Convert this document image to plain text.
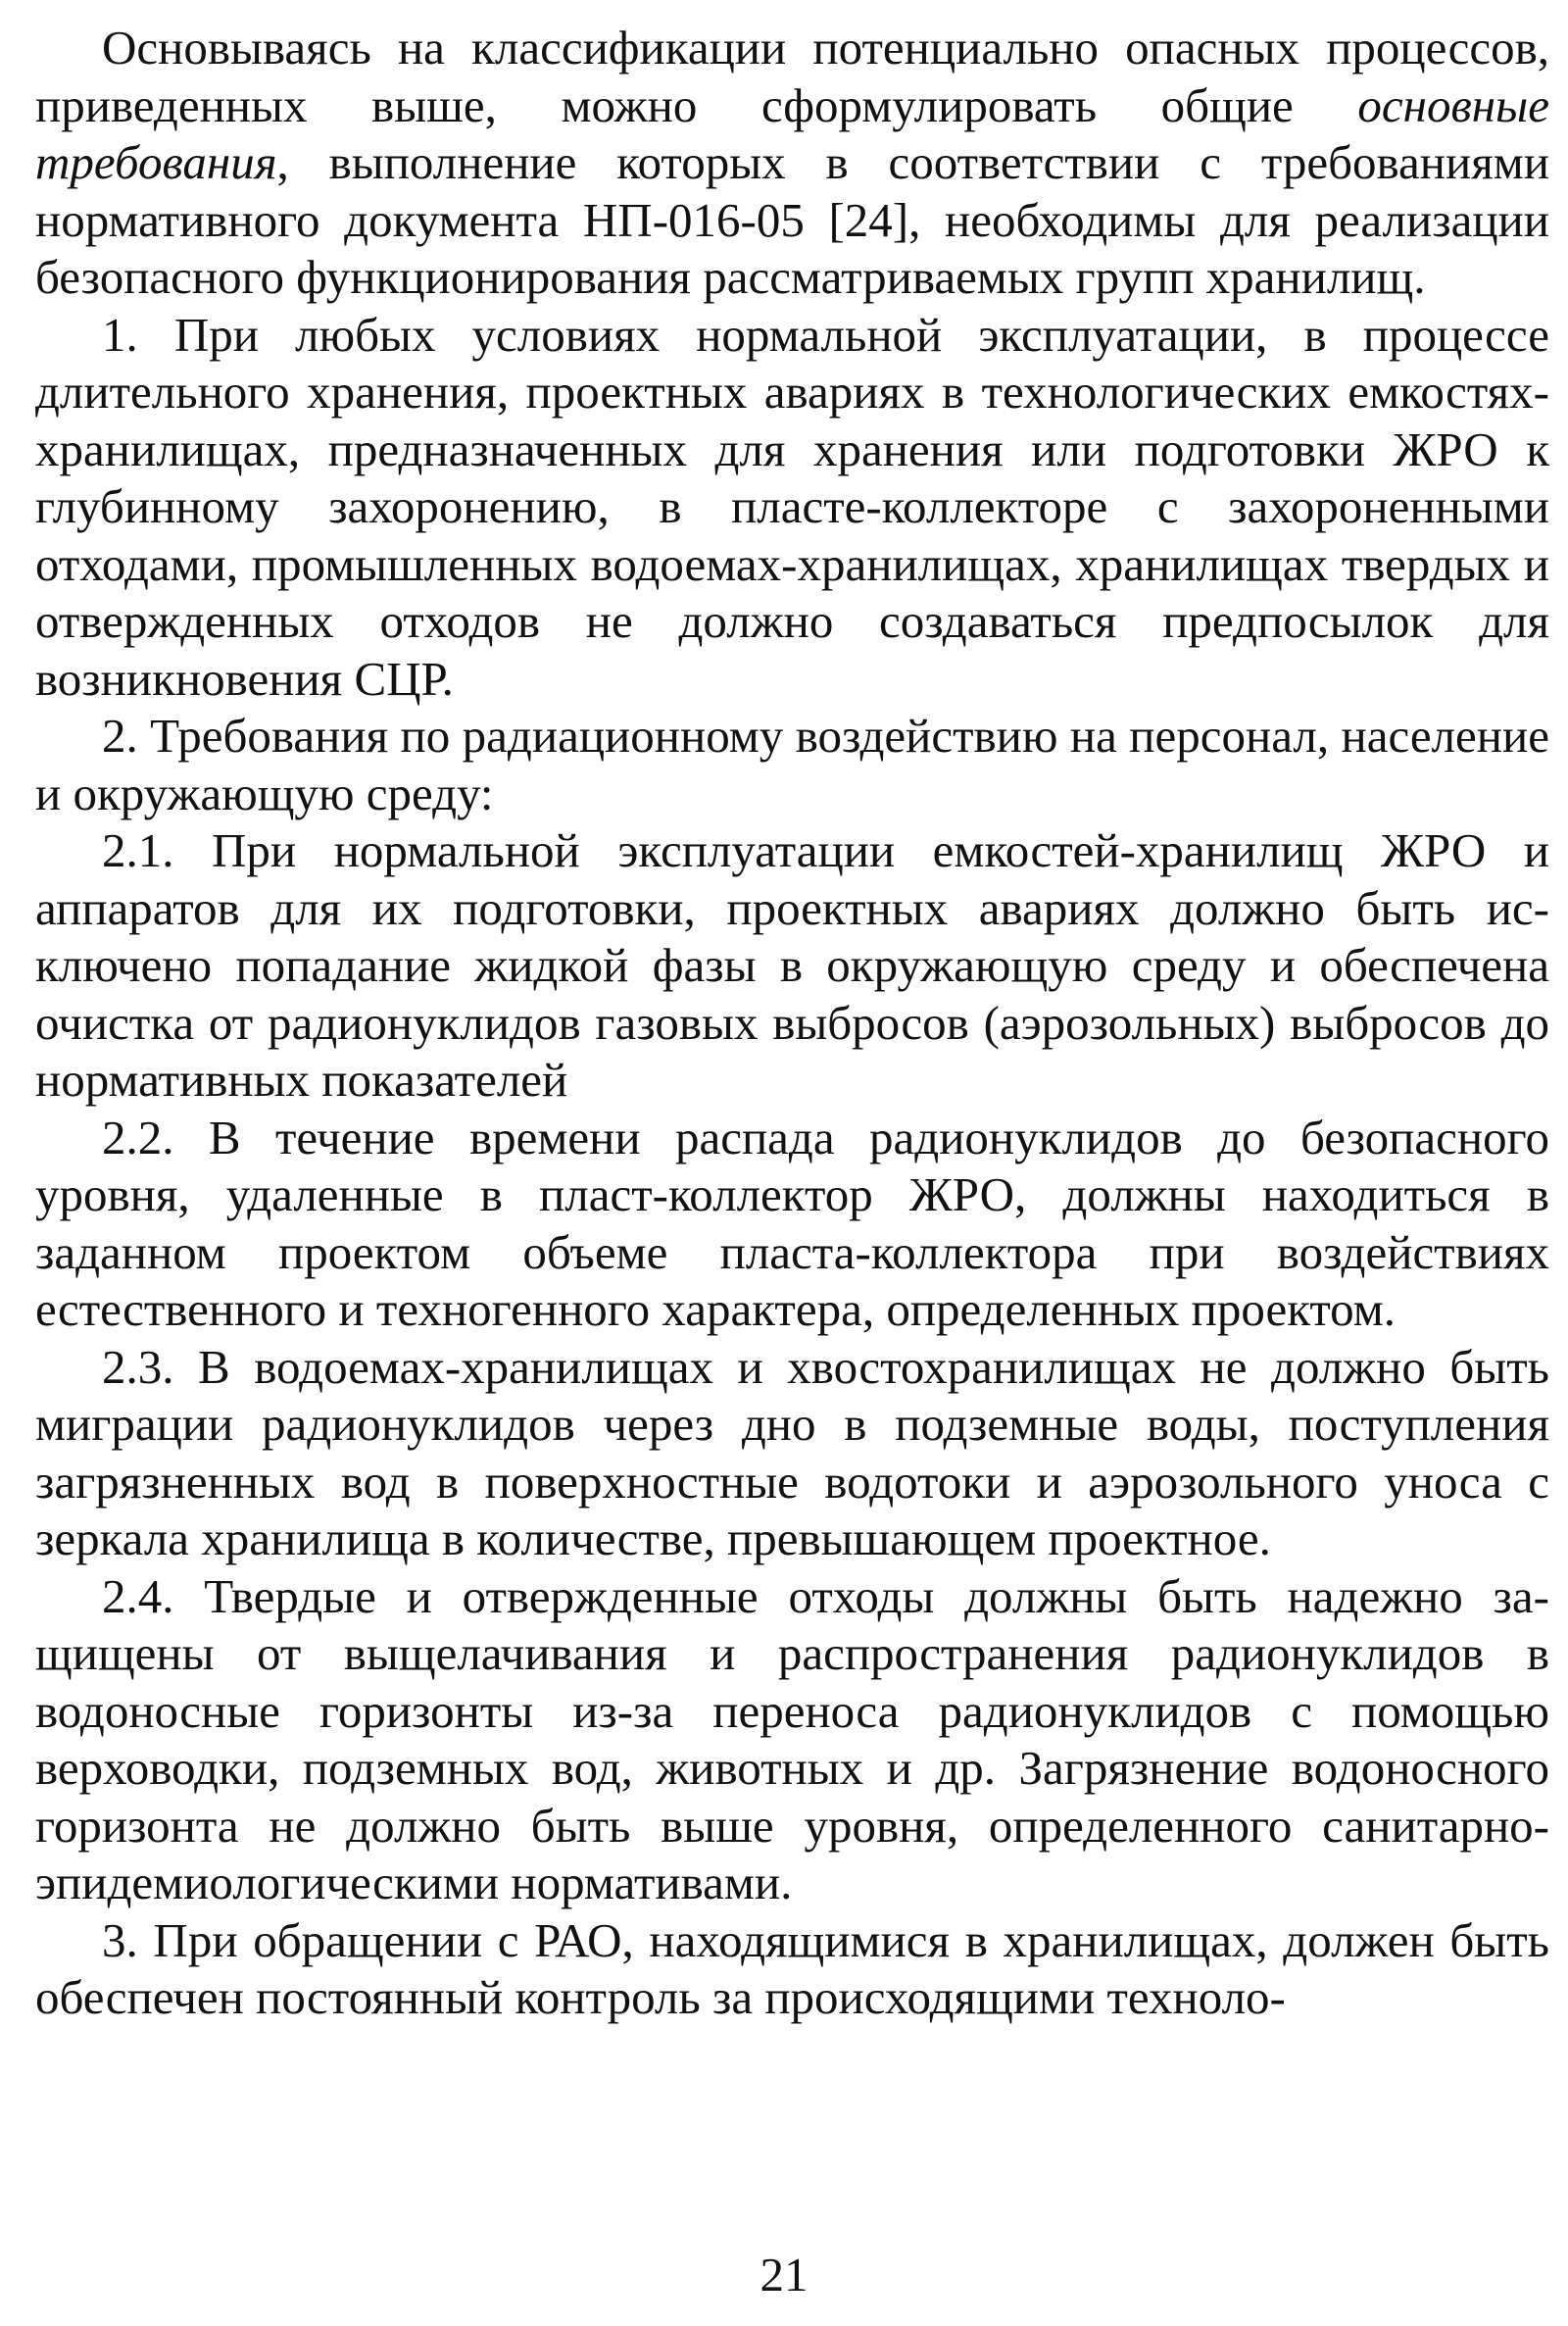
Основываясь на классификации потенциально опасных процессов, приведенных выше, можно сформулировать общие основные требования, выполнение которых в соответствии с требованиями нормативного документа НП-016-05 [24], необходимы для реализации безопасного функционирования рассматриваемых групп хранилищ.

1. При любых условиях нормальной эксплуатации, в процессе длительного хранения, проектных авариях в технологических емкостях-хранилищах, предназначенных для хранения или подготовки ЖРО к глубинному захоронению, в пласте-коллекторе с захороненными отходами, промышленных водоемах-хранилищах, хранилищах твердых и отвержденных отходов не должно создаваться предпосылок для возникновения СЦР.

2. Требования по радиационному воздействию на персонал, население и окружающую среду:

2.1. При нормальной эксплуатации емкостей-хранилищ ЖРО и аппаратов для их подготовки, проектных авариях должно быть исключено попадание жидкой фазы в окружающую среду и обеспечена очистка от радионуклидов газовых выбросов (аэрозольных) выбросов до нормативных показателей

2.2. В течение времени распада радионуклидов до безопасного уровня, удаленные в пласт-коллектор ЖРО, должны находиться в заданном проектом объеме пласта-коллектора при воздействиях естественного и техногенного характера, определенных проектом.

2.3. В водоемах-хранилищах и хвостохранилищах не должно быть миграции радионуклидов через дно в подземные воды, поступления загрязненных вод в поверхностные водотоки и аэрозольного уноса с зеркала хранилища в количестве, превышающем проектное.

2.4. Твердые и отвержденные отходы должны быть надежно защищены от выщелачивания и распространения радионуклидов в водоносные горизонты из-за переноса радионуклидов с помощью верховодки, подземных вод, животных и др. Загрязнение водоносного горизонта не должно быть выше уровня, определенного санитарно-эпидемиологическими нормативами.

3. При обращении с РАО, находящимися в хранилищах, должен быть обеспечен постоянный контроль за происходящими техноло-

21
